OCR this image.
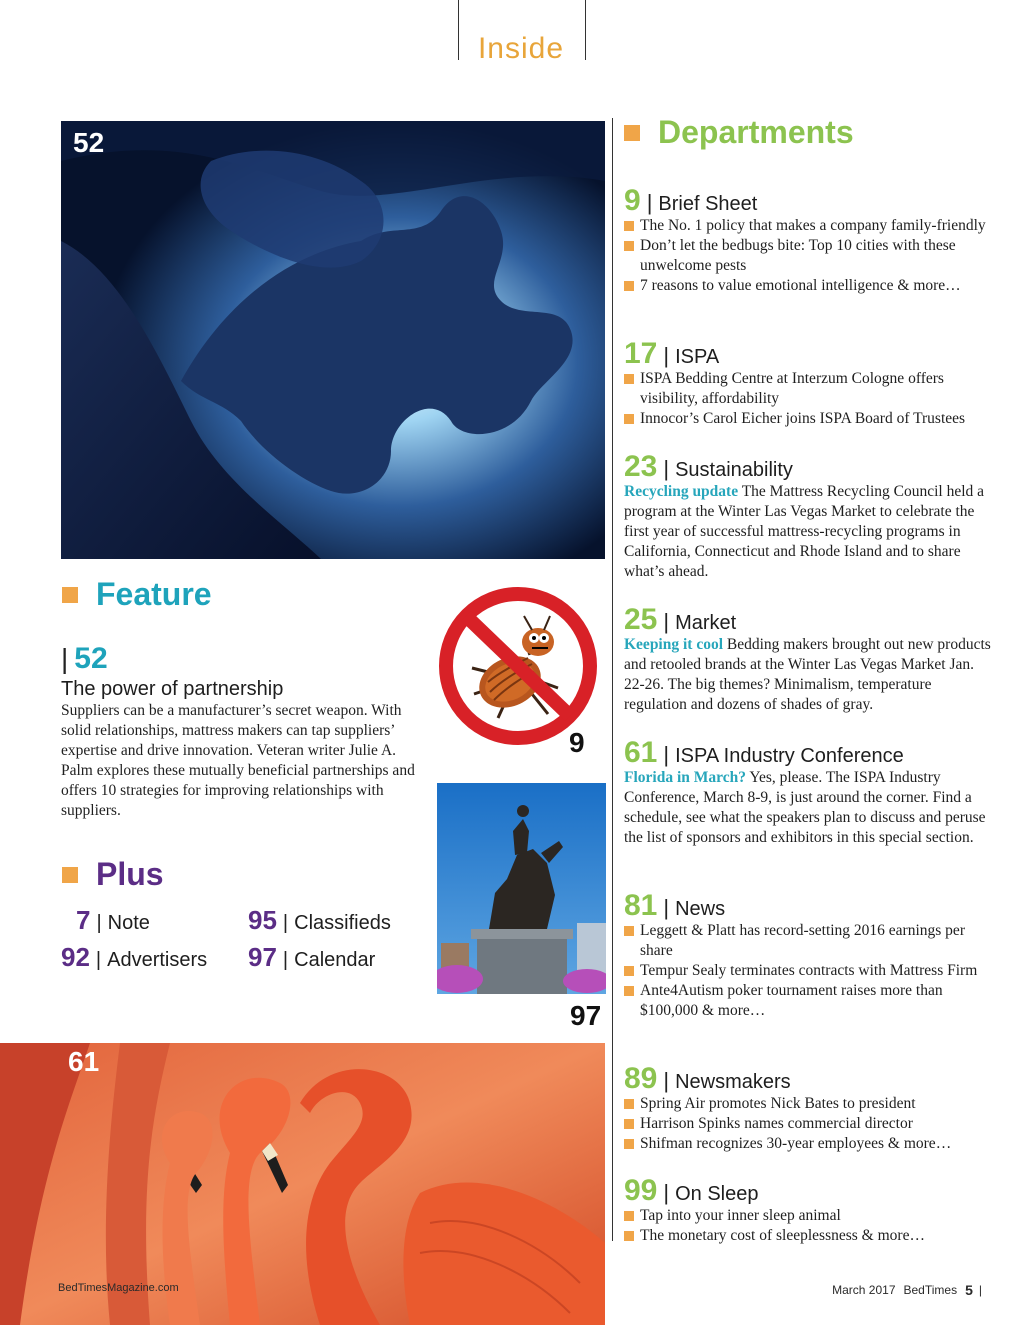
Inside
52	Departments
9 | Brief Sheet
The No. 1 policy that makes a company family-friendly
Don’t let the bedbugs bite: Top 10 cities with these unwelcome pests
7 reasons to value emotional intelligence & more…
17 | ISPA
ISPA Bedding Centre at Interzum Cologne offers visibility, affordability
Innocor’s Carol Eicher joins ISPA Board of Trustees
23 | Sustainability
Recycling update The Mattress Recycling Council held a program at the Winter Las Vegas Market to celebrate the first year of successful mattress-recycling programs in California, Connecticut and Rhode Island and to share what’s ahead.
25 | Market
Keeping it cool Bedding makers brought out new products and retooled brands at the Winter Las Vegas Market Jan. 22-26. The big themes? Minimalism, temperature regulation and dozens of shades of gray.
61 | ISPA Industry Conference
Florida in March? Yes, please. The ISPA Industry Conference, March 8-9, is just around the corner. Find a schedule, see what the speakers plan to discuss and peruse the list of sponsors and exhibitors in this special section.
81 | News
Leggett & Platt has record-setting 2016 earnings per share
Tempur Sealy terminates contracts with Mattress Firm
Ante4Autism poker tournament raises more than $100,000 & more…
89 | Newsmakers
Spring Air promotes Nick Bates to president
Harrison Spinks names commercial director
Shifman recognizes 30-year employees & more…
99 | On Sleep
Tap into your inner sleep animal
The monetary cost of sleeplessness & more…
Feature
| 52
The power of partnership
Suppliers can be a manufacturer’s secret weapon. With solid relationships, mattress makers can tap suppliers’ expertise and drive innovation. Veteran writer Julie A. Palm explores these mutually beneficial partnerships and offers 10 strategies for improving relationships with suppliers.
9
97
Plus
7 | Note	95 | Classifieds
92 | Advertisers 97 | Calendar
61
BedTimesMagazine.com	March 2017 BedTimes 5 |
